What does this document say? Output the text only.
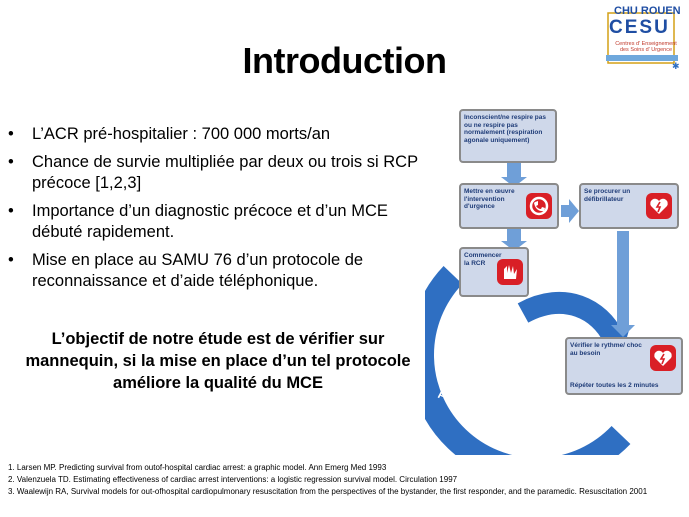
✱
CHU ROUEN
CESU
Centres d' Enseignement des Soins d' Urgence
Introduction
• L’ACR pré-hospitalier : 700 000 morts/an
• Chance de survie multipliée par deux ou trois si RCP précoce [1,2,3]
• Importance d’un diagnostic précoce et d’un MCE débuté rapidement.
• Mise en place au SAMU 76 d’un protocole de reconnaissance et d’aide téléphonique.
L’objectif de notre étude est de vérifier sur mannequin, si la mise en place d’un tel protocole améliore la qualité du MCE
Pousser fort	et vite
Inconscient/ne respire pas ou ne respire pas normalement (respiration agonale uniquement)
Mettre en œuvre l'intervention d'urgence
Se procurer un défibrillateur
Commencer la RCR
Vérifier le rythme/ choc au besoin
Répéter toutes les 2 minutes
1. Larsen MP. Predicting survival from outof-hospital cardiac arrest: a graphic model. Ann Emerg Med 1993
2. Valenzuela TD. Estimating effectiveness of cardiac arrest interventions: a logistic regression survival model. Circulation 1997
3. Waalewijn RA, Survival models for out-ofhospital cardiopulmonary resuscitation from the perspectives of the bystander, the first responder, and the paramedic. Resuscitation 2001
